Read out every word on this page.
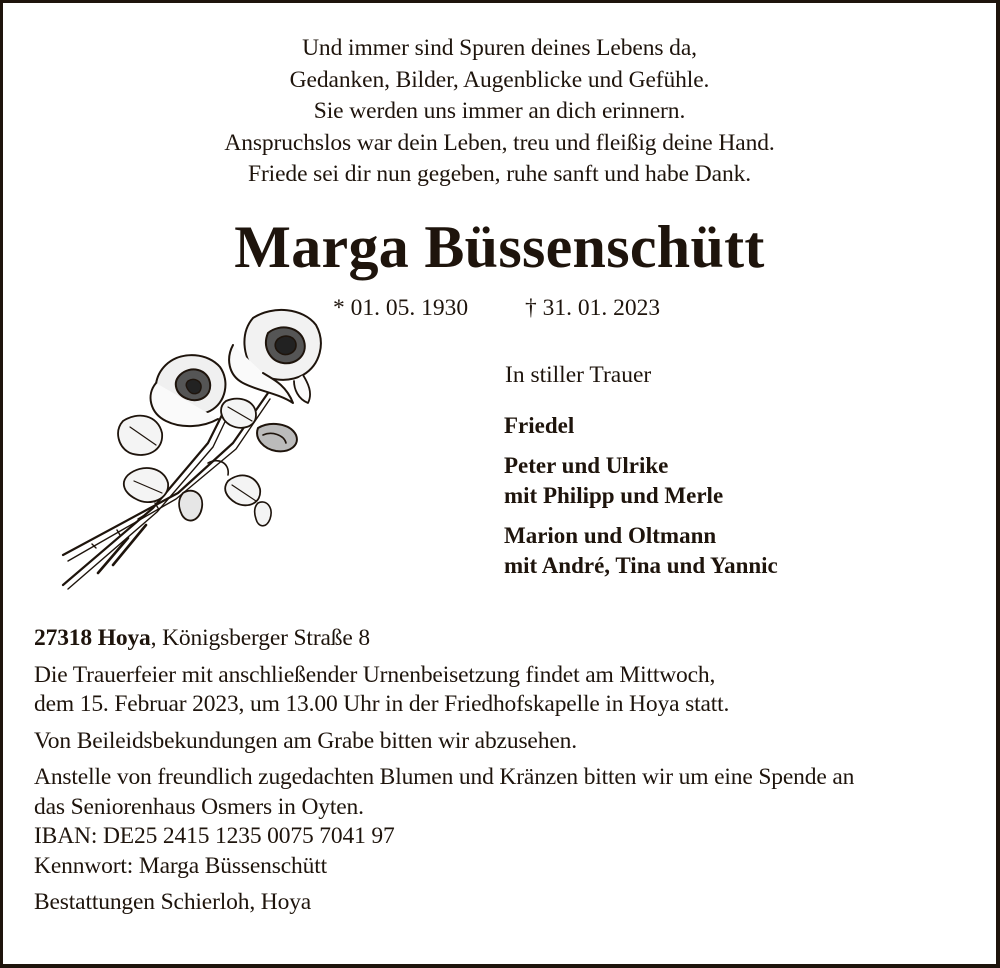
Und immer sind Spuren deines Lebens da,
Gedanken, Bilder, Augenblicke und Gefühle.
Sie werden uns immer an dich erinnern.
Anspruchslos war dein Leben, treu und fleißig deine Hand.
Friede sei dir nun gegeben, ruhe sanft und habe Dank.
Marga Büssenschütt
* 01. 05. 1930 † 31. 01. 2023
In stiller Trauer
Friedel
Peter und Ulrike
mit Philipp und Merle
Marion und Oltmann
mit André, Tina und Yannic
27318 Hoya, Königsberger Straße 8
Die Trauerfeier mit anschließender Urnenbeisetzung findet am Mittwoch,
dem 15. Februar 2023, um 13.00 Uhr in der Friedhofskapelle in Hoya statt.
Von Beileidsbekundungen am Grabe bitten wir abzusehen.
Anstelle von freundlich zugedachten Blumen und Kränzen bitten wir um eine Spende an
das Seniorenhaus Osmers in Oyten.
IBAN: DE25 2415 1235 0075 7041 97
Kennwort: Marga Büssenschütt
Bestattungen Schierloh, Hoya
